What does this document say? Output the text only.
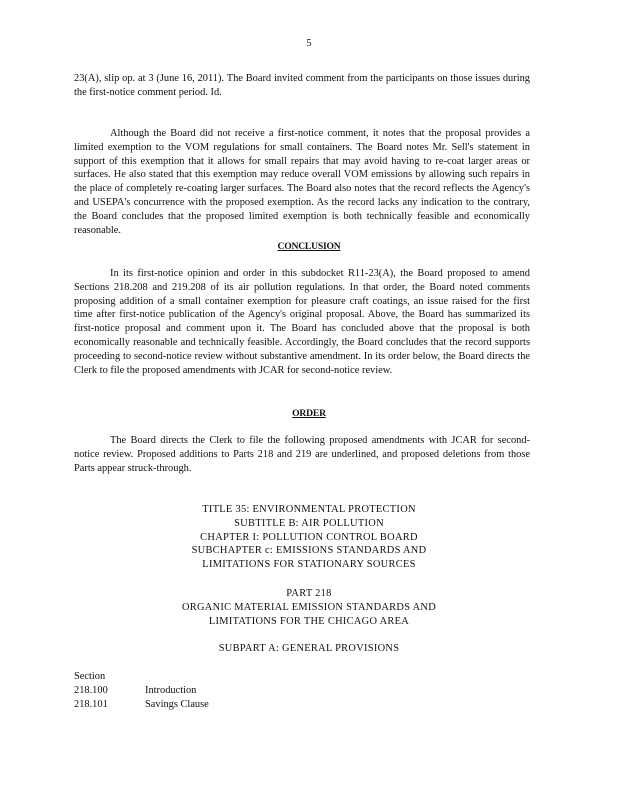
5

23(A), slip op. at 3 (June 16, 2011). The Board invited comment from the participants on those issues during the first-notice comment period. Id.

Although the Board did not receive a first-notice comment, it notes that the proposal provides a limited exemption to the VOM regulations for small containers. The Board notes Mr. Sell's statement in support of this exemption that it allows for small repairs that may avoid having to re-coat larger areas or surfaces. He also stated that this exemption may reduce overall VOM emissions by allowing such repairs in the place of completely re-coating larger surfaces. The Board also notes that the record reflects the Agency's and USEPA's concurrence with the proposed exemption. As the record lacks any indication to the contrary, the Board concludes that the proposed limited exemption is both technically feasible and economically reasonable.

CONCLUSION

In its first-notice opinion and order in this subdocket R11-23(A), the Board proposed to amend Sections 218.208 and 219.208 of its air pollution regulations. In that order, the Board noted comments proposing addition of a small container exemption for pleasure craft coatings, an issue raised for the first time after first-notice publication of the Agency's original proposal. Above, the Board has summarized its first-notice proposal and comment upon it. The Board has concluded above that the proposal is both economically reasonable and technically feasible. Accordingly, the Board concludes that the record supports proceeding to second-notice review without substantive amendment. In its order below, the Board directs the Clerk to file the proposed amendments with JCAR for second-notice review.

ORDER

The Board directs the Clerk to file the following proposed amendments with JCAR for second-notice review. Proposed additions to Parts 218 and 219 are underlined, and proposed deletions from those Parts appear struck-through.

TITLE 35: ENVIRONMENTAL PROTECTION
SUBTITLE B: AIR POLLUTION
CHAPTER I: POLLUTION CONTROL BOARD
SUBCHAPTER c: EMISSIONS STANDARDS AND
LIMITATIONS FOR STATIONARY SOURCES
PART 218
ORGANIC MATERIAL EMISSION STANDARDS AND
LIMITATIONS FOR THE CHICAGO AREA
SUBPART A: GENERAL PROVISIONS
Section
218.100	Introduction
218.101	Savings Clause
